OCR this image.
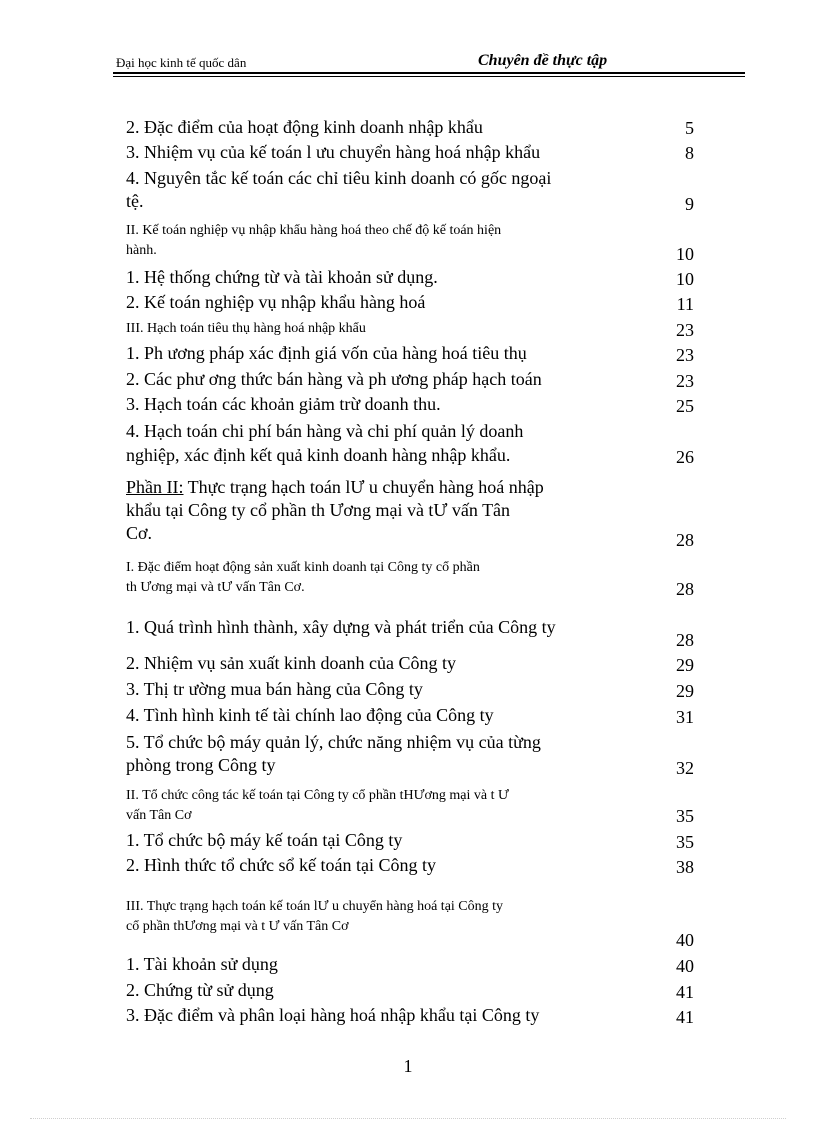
Đại học kinh tế quốc dân	Chuyên đề thực tập
2. Đặc điểm của hoạt động kinh doanh nhập khẩu	5
3. Nhiệm vụ của kế toán l ưu chuyển hàng hoá nhập khẩu	8
4. Nguyên tắc kế toán các chỉ tiêu kinh doanh có gốc ngoại
tệ.	9
II. Kế toán nghiệp vụ nhập khẩu hàng hoá theo chế độ kế toán hiện
hành.	10
1. Hệ thống chứng từ và tài khoản sử dụng.	10
2. Kế toán nghiệp vụ nhập khẩu hàng hoá	11
III. Hạch toán tiêu thụ hàng hoá nhập khẩu	23
1. Ph ương pháp xác định giá vốn của hàng hoá tiêu thụ	23
2. Các phư ơng thức bán hàng và ph ương pháp hạch toán	23
3. Hạch toán các khoản giảm trừ doanh thu.	25
4. Hạch toán chi phí bán hàng và chi phí quản lý doanh
nghiệp, xác định kết quả kinh doanh hàng nhập khẩu.	26
Phần II: Thực trạng hạch toán lƯ u chuyển hàng hoá nhập
khẩu tại Công ty cổ phần th Ương mại và tƯ vấn Tân
Cơ.	28
I. Đặc điểm hoạt động sản xuất kinh doanh tại Công ty cổ phần
th Ương mại và tƯ vấn Tân Cơ.	28
1. Quá trình hình thành, xây dựng và phát triển của Công ty
28
2. Nhiệm vụ sản xuất kinh doanh của Công ty	29
3. Thị tr ường mua bán hàng của Công ty	29
4. Tình hình kinh tế tài chính lao động của Công ty	31
5. Tổ chức bộ máy quản lý, chức năng nhiệm vụ của từng
phòng trong Công ty	32
II. Tổ chức công tác kế toán tại Công ty cổ phần tHƯơng mại và t Ư
vấn Tân Cơ	35
1. Tổ chức bộ máy kế toán tại Công ty	35
2. Hình thức tổ chức sổ kế toán tại Công ty	38
III. Thực trạng hạch toán kế toán lƯ u chuyển hàng hoá tại Công ty
cổ phần thƯơng mại và t Ư vấn Tân Cơ
40
1. Tài khoản sử dụng	40
2. Chứng từ sử dụng	41
3. Đặc điểm và phân loại hàng hoá nhập khẩu tại Công ty	41
1
